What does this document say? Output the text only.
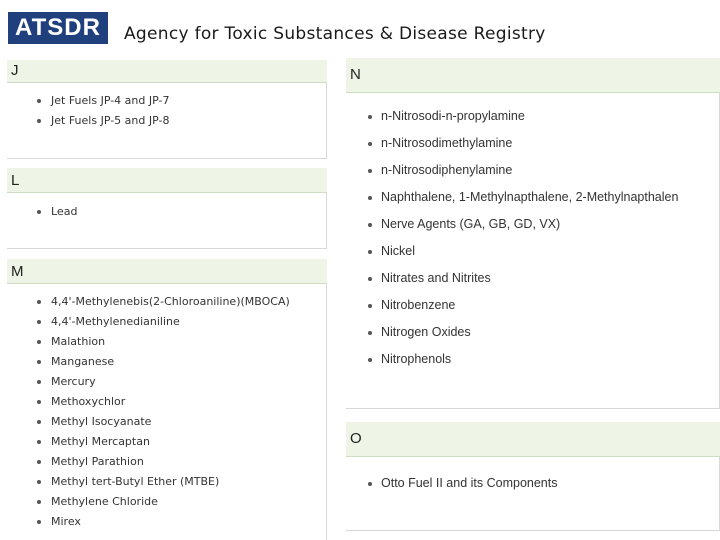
ATSDR	Agency for Toxic Substances & Disease Registry
J
Jet Fuels JP-4 and JP-7
Jet Fuels JP-5 and JP-8
L
Lead
M
4,4'-Methylenebis(2-Chloroaniline)(MBOCA)
4,4'-Methylenedianiline
Malathion
Manganese
Mercury
Methoxychlor
Methyl Isocyanate
Methyl Mercaptan
Methyl Parathion
Methyl tert-Butyl Ether (MTBE)
Methylene Chloride
Mirex
N
n-Nitrosodi-n-propylamine
n-Nitrosodimethylamine
n-Nitrosodiphenylamine
Naphthalene, 1-Methylnapthalene, 2-Methylnapthalen
Nerve Agents (GA, GB, GD, VX)
Nickel
Nitrates and Nitrites
Nitrobenzene
Nitrogen Oxides
Nitrophenols
O
Otto Fuel II and its Components
